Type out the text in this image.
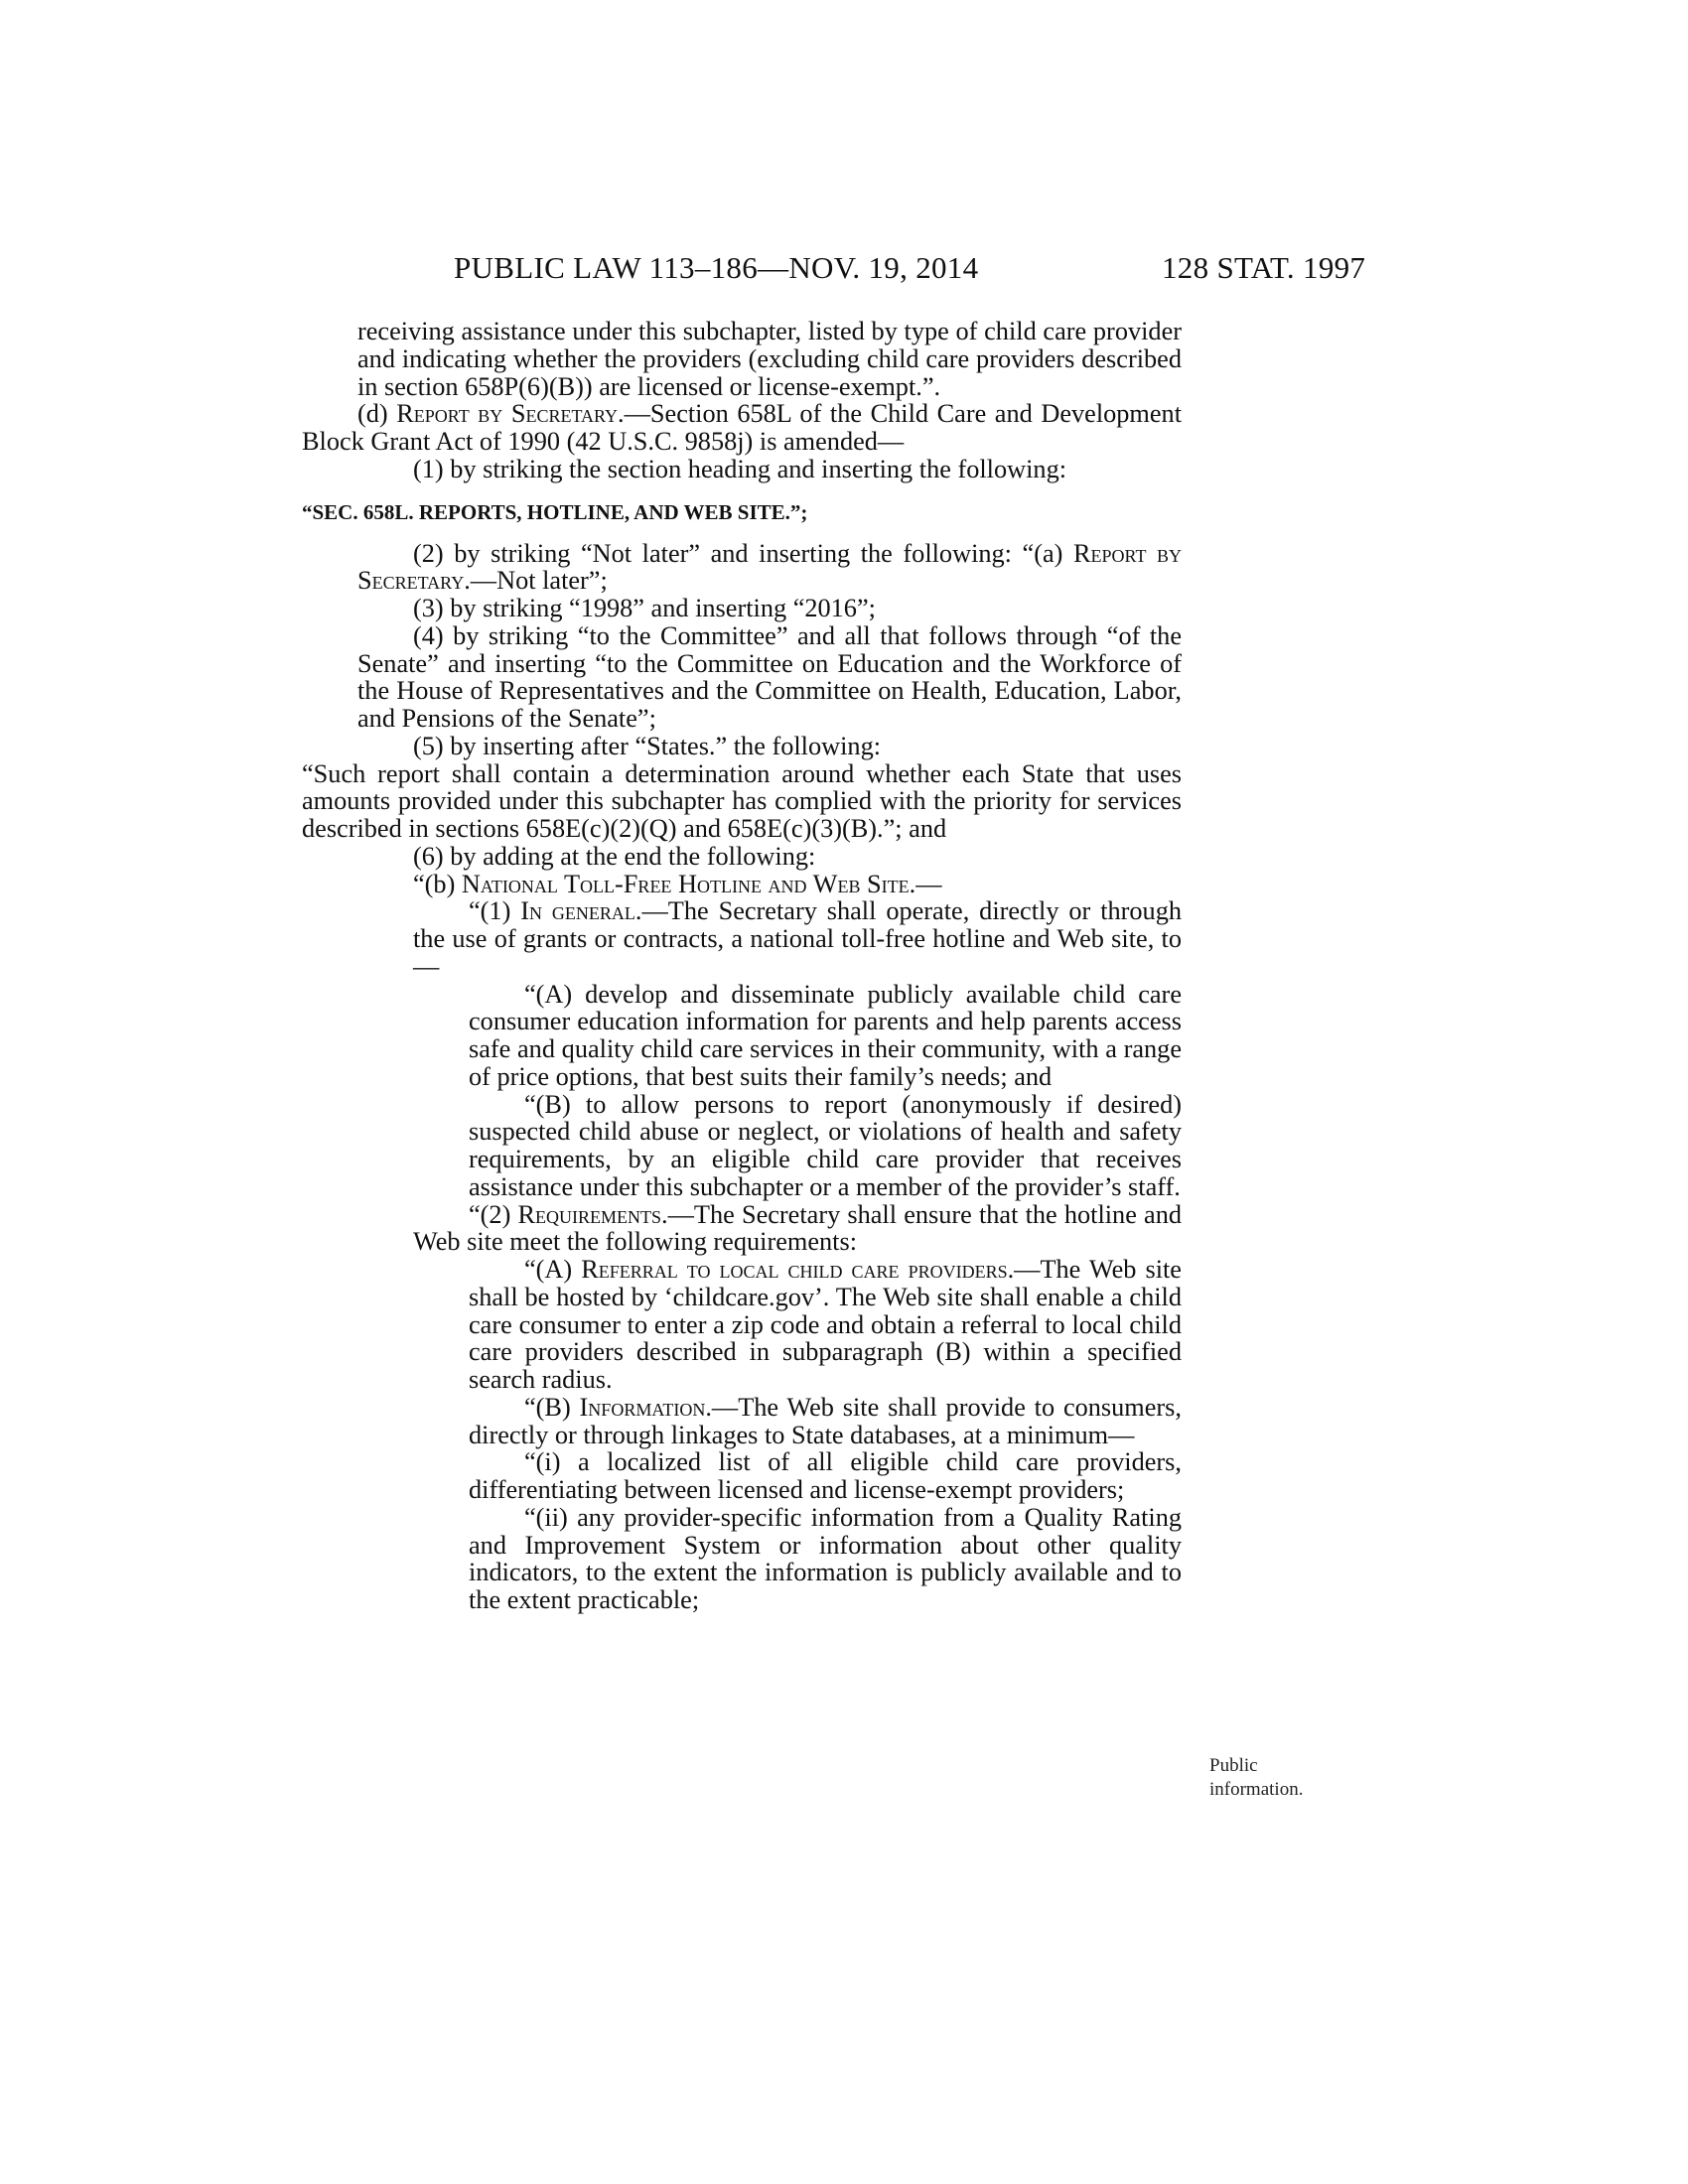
PUBLIC LAW 113–186—NOV. 19, 2014	128 STAT. 1997

receiving assistance under this subchapter, listed by type of child care provider and indicating whether the providers (excluding child care providers described in section 658P(6)(B)) are licensed or license-exempt.”.

(d) Report by Secretary.—Section 658L of the Child Care and Development Block Grant Act of 1990 (42 U.S.C. 9858j) is amended—

(1) by striking the section heading and inserting the following:

“SEC. 658L. REPORTS, HOTLINE, AND WEB SITE.”;

(2) by striking “Not later” and inserting the following: “(a) Report by Secretary.—Not later”;

(3) by striking “1998” and inserting “2016”;

(4) by striking “to the Committee” and all that follows through “of the Senate” and inserting “to the Committee on Education and the Workforce of the House of Representatives and the Committee on Health, Education, Labor, and Pensions of the Senate”;

(5) by inserting after “States.” the following:

“Such report shall contain a determination around whether each State that uses amounts provided under this subchapter has complied with the priority for services described in sections 658E(c)(2)(Q) and 658E(c)(3)(B).”; and

(6) by adding at the end the following:

“(b) National Toll-Free Hotline and Web Site.—

“(1) In general.—The Secretary shall operate, directly or through the use of grants or contracts, a national toll-free hotline and Web site, to—

“(A) develop and disseminate publicly available child care consumer education information for parents and help parents access safe and quality child care services in their community, with a range of price options, that best suits their family’s needs; and

“(B) to allow persons to report (anonymously if desired) suspected child abuse or neglect, or violations of health and safety requirements, by an eligible child care provider that receives assistance under this subchapter or a member of the provider’s staff.

“(2) Requirements.—The Secretary shall ensure that the hotline and Web site meet the following requirements:

“(A) Referral to local child care providers.—The Web site shall be hosted by ‘childcare.gov’. The Web site shall enable a child care consumer to enter a zip code and obtain a referral to local child care providers described in subparagraph (B) within a specified search radius.

“(B) Information.—The Web site shall provide to consumers, directly or through linkages to State databases, at a minimum—

“(i) a localized list of all eligible child care providers, differentiating between licensed and license-exempt providers;

“(ii) any provider-specific information from a Quality Rating and Improvement System or information about other quality indicators, to the extent the information is publicly available and to the extent practicable;

Public
information.
